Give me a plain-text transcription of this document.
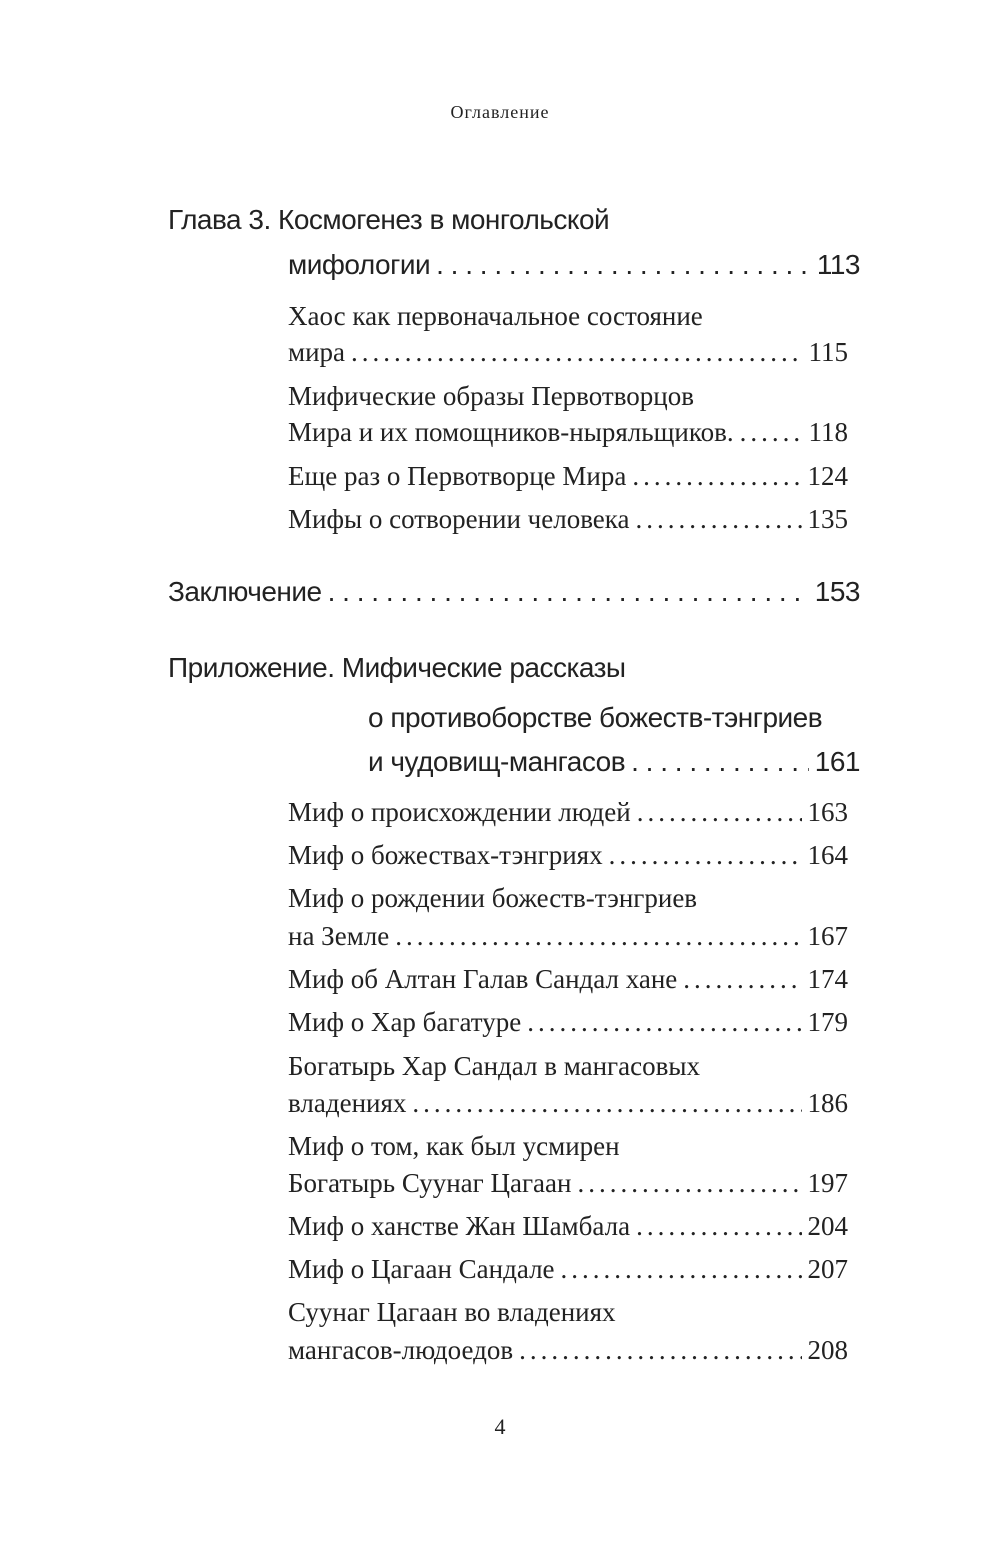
Оглавление
Глава 3. Космогенез в монгольской
мифологии . . .	113
Хаос как первоначальное состояние
мира .....	115
Мифические образы Первотворцов
Мира и их помощников-ныряльщиков. .....	118
Еще раз о Первотворце Мира .....	124
Мифы о сотворении человека .....	135
Заключение . . .	153
Приложение. Мифические рассказы
о противоборстве божеств-тэнгриев
и чудовищ-мангасов . . .	161
Миф о происхождении людей .....	163
Миф о божествах-тэнгриях .....	164
Миф о рождении божеств-тэнгриев
на Земле .....	167
Миф об Алтан Галав Сандал хане .....	174
Миф о Хар багатуре .....	179
Богатырь Хар Сандал в мангасовых
владениях .....	186
Миф о том, как был усмирен
Богатырь Суунаг Цагаан .....	197
Миф о ханстве Жан Шамбала .....	204
Миф о Цагаан Сандале .....	207
Суунаг Цагаан во владениях
мангасов-людоедов .....	208
4
